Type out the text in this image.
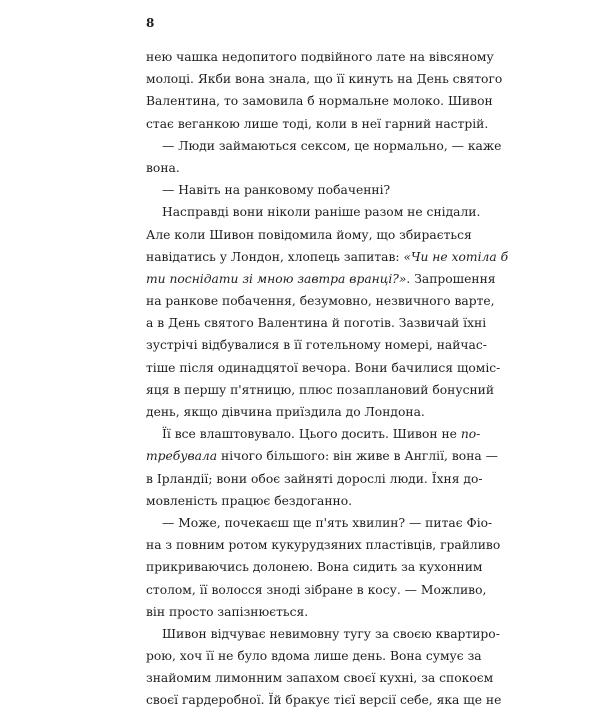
8
нею чашка недопитого подвійного лате на вівсяному
молоці. Якби вона знала, що її кинуть на День святого
Валентина, то замовила б нормальне молоко. Шивон
стає веганкою лише тоді, коли в неї гарний настрій.
— Люди займаються сексом, це нормально, — каже
вона.
— Навіть на ранковому побаченні?
Насправді вони ніколи раніше разом не снідали.
Але коли Шивон повідомила йому, що збирається
навідатись у Лондон, хлопець запитав: «Чи не хотіла б
ти поснідати зі мною завтра вранці?». Запрошення
на ранкове побачення, безумовно, незвичного варте,
а в День святого Валентина й поготів. Зазвичай їхні
зустрічі відбувалися в її готельному номері, найчас-
тіше після одинадцятої вечора. Вони бачилися щоміс-
яця в першу п'ятницю, плюс позаплановий бонусний
день, якщо дівчина приїздила до Лондона.
Її все влаштовувало. Цього досить. Шивон не по-
требувала нічого більшого: він живе в Англії, вона —
в Ірландії; вони обоє зайняті дорослі люди. Їхня до-
мовленість працює бездоганно.
— Може, почекаєш ще п'ять хвилин? — питає Фіо-
на з повним ротом кукурудзяних пластівців, грайливо
прикриваючись долонею. Вона сидить за кухонним
столом, її волосся зноді зібране в косу. — Можливо,
він просто запізнюється.
Шивон відчуває невимовну тугу за своєю квартиро-
рою, хоч її не було вдома лише день. Вона сумує за
знайомим лимонним запахом своєї кухні, за спокоєм
своєї гардеробної. Їй бракує тієї версії себе, яка ще не
